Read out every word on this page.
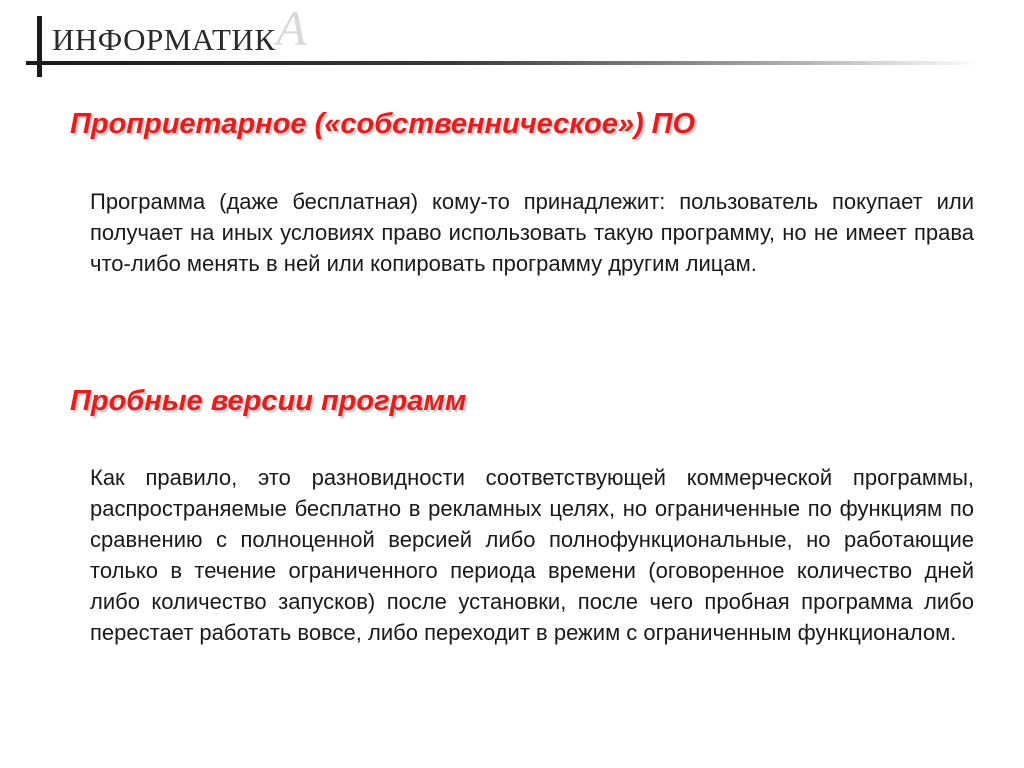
ИНФОРМАТИК А
Проприетарное («собственническое») ПО

Программа (даже бесплатная) кому-то принадлежит: пользователь покупает или получает на иных условиях право использовать такую программу, но не имеет права что-либо менять в ней или копировать программу другим лицам.

Пробные версии программ

Как правило, это разновидности соответствующей коммерческой программы, распространяемые бесплатно в рекламных целях, но ограниченные по функциям по сравнению с полноценной версией либо полнофункциональные, но работающие только в течение ограниченного периода времени (оговоренное количество дней либо количество запусков) после установки, после чего пробная программа либо перестает работать вовсе, либо переходит в режим с ограниченным функционалом.
